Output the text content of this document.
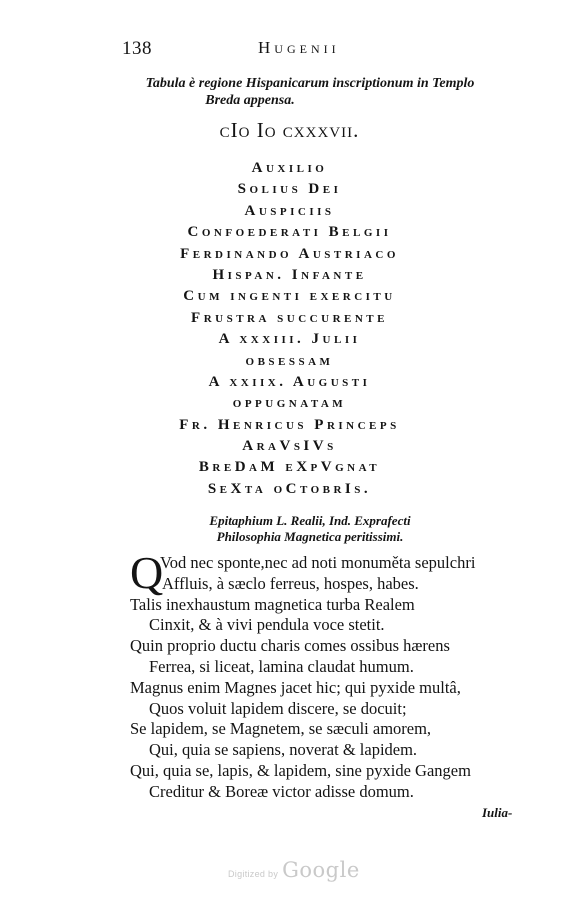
138	Hugenii
Tabula è regione Hispanicarum inscriptionum in Templo
Breda appensa.
cIo Io cxxxvii.
Auxilio
Solius Dei
Auspiciis
Confoederati Belgii
Ferdinando Austriaco
Hispan. Infante
Cum ingenti exercitu
Frustra succurente
A xxxiii. Julii
obsessam
A xxiix. Augusti
oppugnatam
Fr. Henricus Princeps
AraVsIVs
BreDaM eXpVgnat
SeXta oCtobrIs.
Epitaphium L. Realii, Ind. Exprafecti
Philosophia Magnetica peritissimi.
Q
Vod nec sponte,nec ad noti monuměta sepulchri
Affluis, à sæclo ferreus, hospes, habes.
Talis inexhaustum magnetica turba Realem
Cinxit, & à vivi pendula voce stetit.
Quin proprio ductu charis comes ossibus hærens
Ferrea, si liceat, lamina claudat humum.
Magnus enim Magnes jacet hic; qui pyxide multâ,
Quos voluit lapidem discere, se docuit;
Se lapidem, se Magnetem, se sæculi amorem,
Qui, quia se sapiens, noverat & lapidem.
Qui, quia se, lapis, & lapidem, sine pyxide Gangem
Creditur & Boreæ victor adisse domum.
Iulia-
Digitized by Google
